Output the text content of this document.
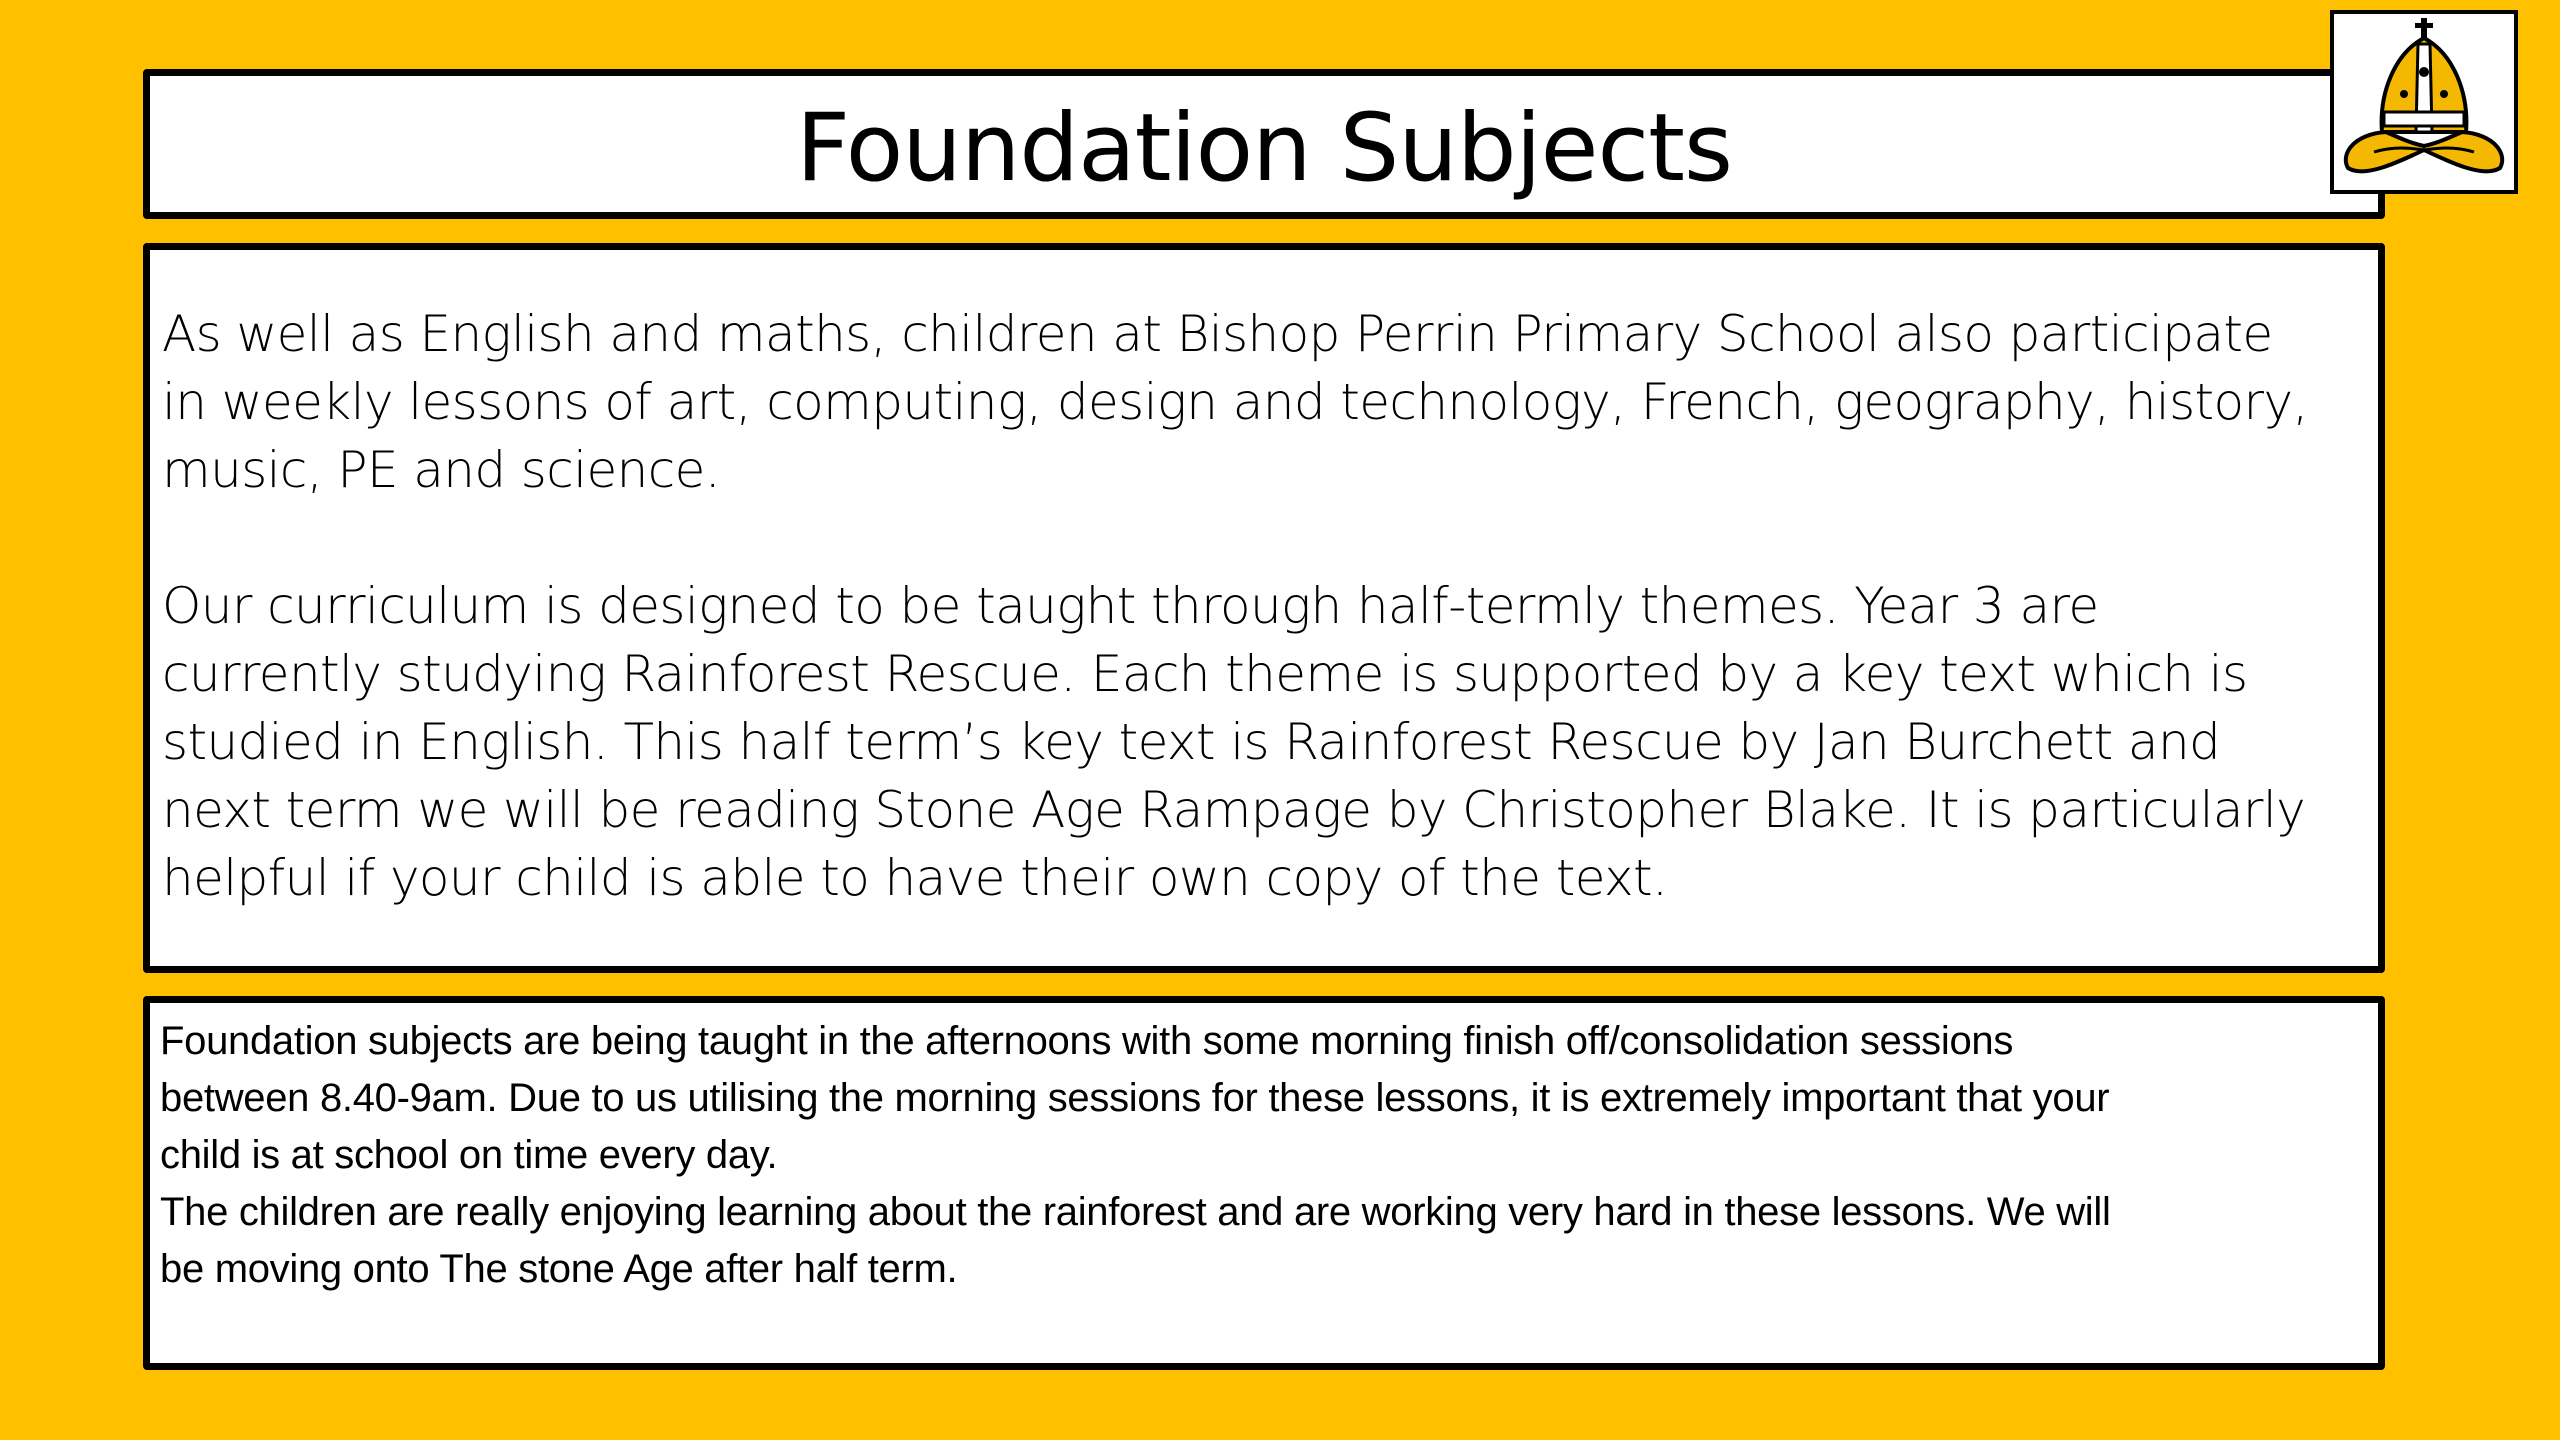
Foundation Subjects

As well as English and maths, children at Bishop Perrin Primary School also participate
in weekly lessons of art, computing, design and technology, French, geography, history,
music, PE and science.

Our curriculum is designed to be taught through half-termly themes. Year 3 are
currently studying Rainforest Rescue. Each theme is supported by a key text which is
studied in English. This half term’s key text is Rainforest Rescue by Jan Burchett and
next term we will be reading Stone Age Rampage by Christopher Blake. It is particularly
helpful if your child is able to have their own copy of the text.

Foundation subjects are being taught in the afternoons with some morning finish off/consolidation sessions
between 8.40-9am. Due to us utilising the morning sessions for these lessons, it is extremely important that your
child is at school on time every day.

The children are really enjoying learning about the rainforest and are working very hard in these lessons. We will
be moving onto The stone Age after half term.
